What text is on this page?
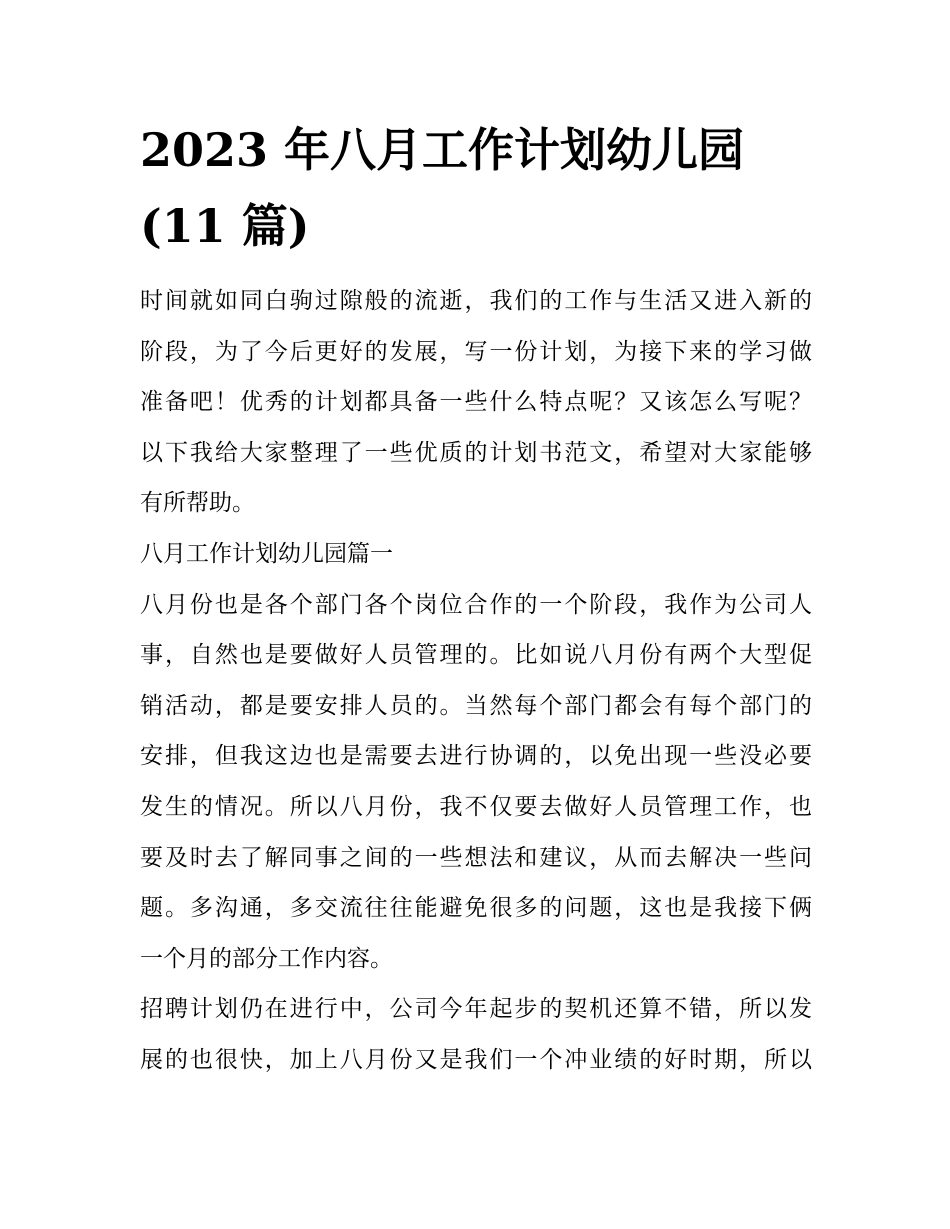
2023 年八月工作计划幼儿园
(11 篇)

时间就如同白驹过隙般的流逝，我们的工作与生活又进入新的
阶段，为了今后更好的发展，写一份计划，为接下来的学习做
准备吧！优秀的计划都具备一些什么特点呢？又该怎么写呢？
以下我给大家整理了一些优质的计划书范文，希望对大家能够
有所帮助。

八月工作计划幼儿园篇一

八月份也是各个部门各个岗位合作的一个阶段，我作为公司人
事，自然也是要做好人员管理的。比如说八月份有两个大型促
销活动，都是要安排人员的。当然每个部门都会有每个部门的
安排，但我这边也是需要去进行协调的，以免出现一些没必要
发生的情况。所以八月份，我不仅要去做好人员管理工作，也
要及时去了解同事之间的一些想法和建议，从而去解决一些问
题。多沟通，多交流往往能避免很多的问题，这也是我接下俩
一个月的部分工作内容。

招聘计划仍在进行中，公司今年起步的契机还算不错，所以发
展的也很快，加上八月份又是我们一个冲业绩的好时期，所以
